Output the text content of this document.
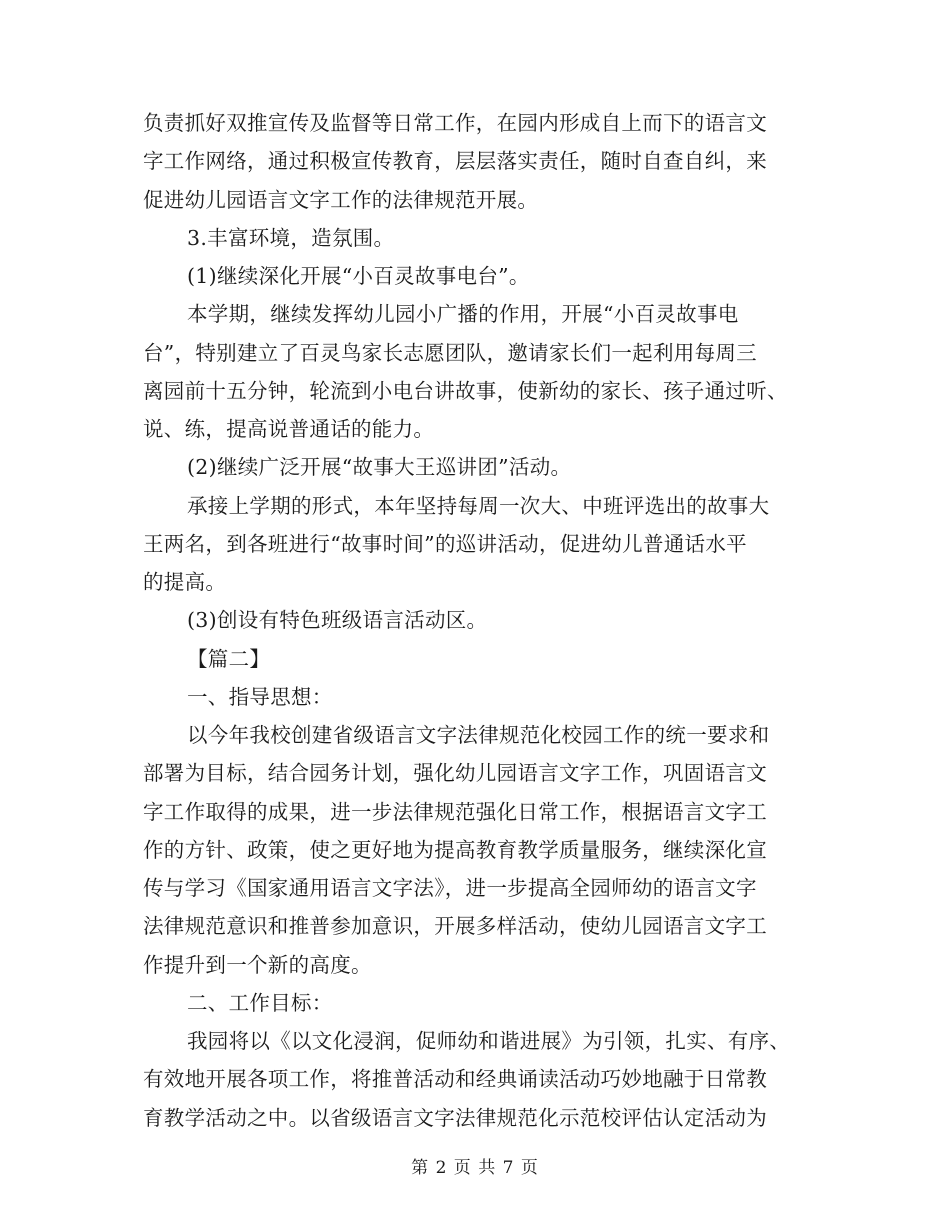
负责抓好双推宣传及监督等日常工作，在园内形成自上而下的语言文
字工作网络，通过积极宣传教育，层层落实责任，随时自查自纠，来
促进幼儿园语言文字工作的法律规范开展。
3.丰富环境，造氛围。
(1)继续深化开展“小百灵故事电台”。
本学期，继续发挥幼儿园小广播的作用，开展“小百灵故事电
台”，特别建立了百灵鸟家长志愿团队，邀请家长们一起利用每周三
离园前十五分钟，轮流到小电台讲故事，使新幼的家长、孩子通过听、
说、练，提高说普通话的能力。
(2)继续广泛开展“故事大王巡讲团”活动。
承接上学期的形式，本年坚持每周一次大、中班评选出的故事大
王两名，到各班进行“故事时间”的巡讲活动，促进幼儿普通话水平
的提高。
(3)创设有特色班级语言活动区。
【篇二】
一、指导思想：
以今年我校创建省级语言文字法律规范化校园工作的统一要求和
部署为目标，结合园务计划，强化幼儿园语言文字工作，巩固语言文
字工作取得的成果，进一步法律规范强化日常工作，根据语言文字工
作的方针、政策，使之更好地为提高教育教学质量服务，继续深化宣
传与学习《国家通用语言文字法》，进一步提高全园师幼的语言文字
法律规范意识和推普参加意识，开展多样活动，使幼儿园语言文字工
作提升到一个新的高度。
二、工作目标：
我园将以《以文化浸润，促师幼和谐进展》为引领，扎实、有序、
有效地开展各项工作，将推普活动和经典诵读活动巧妙地融于日常教
育教学活动之中。以省级语言文字法律规范化示范校评估认定活动为
第 2 页 共 7 页
